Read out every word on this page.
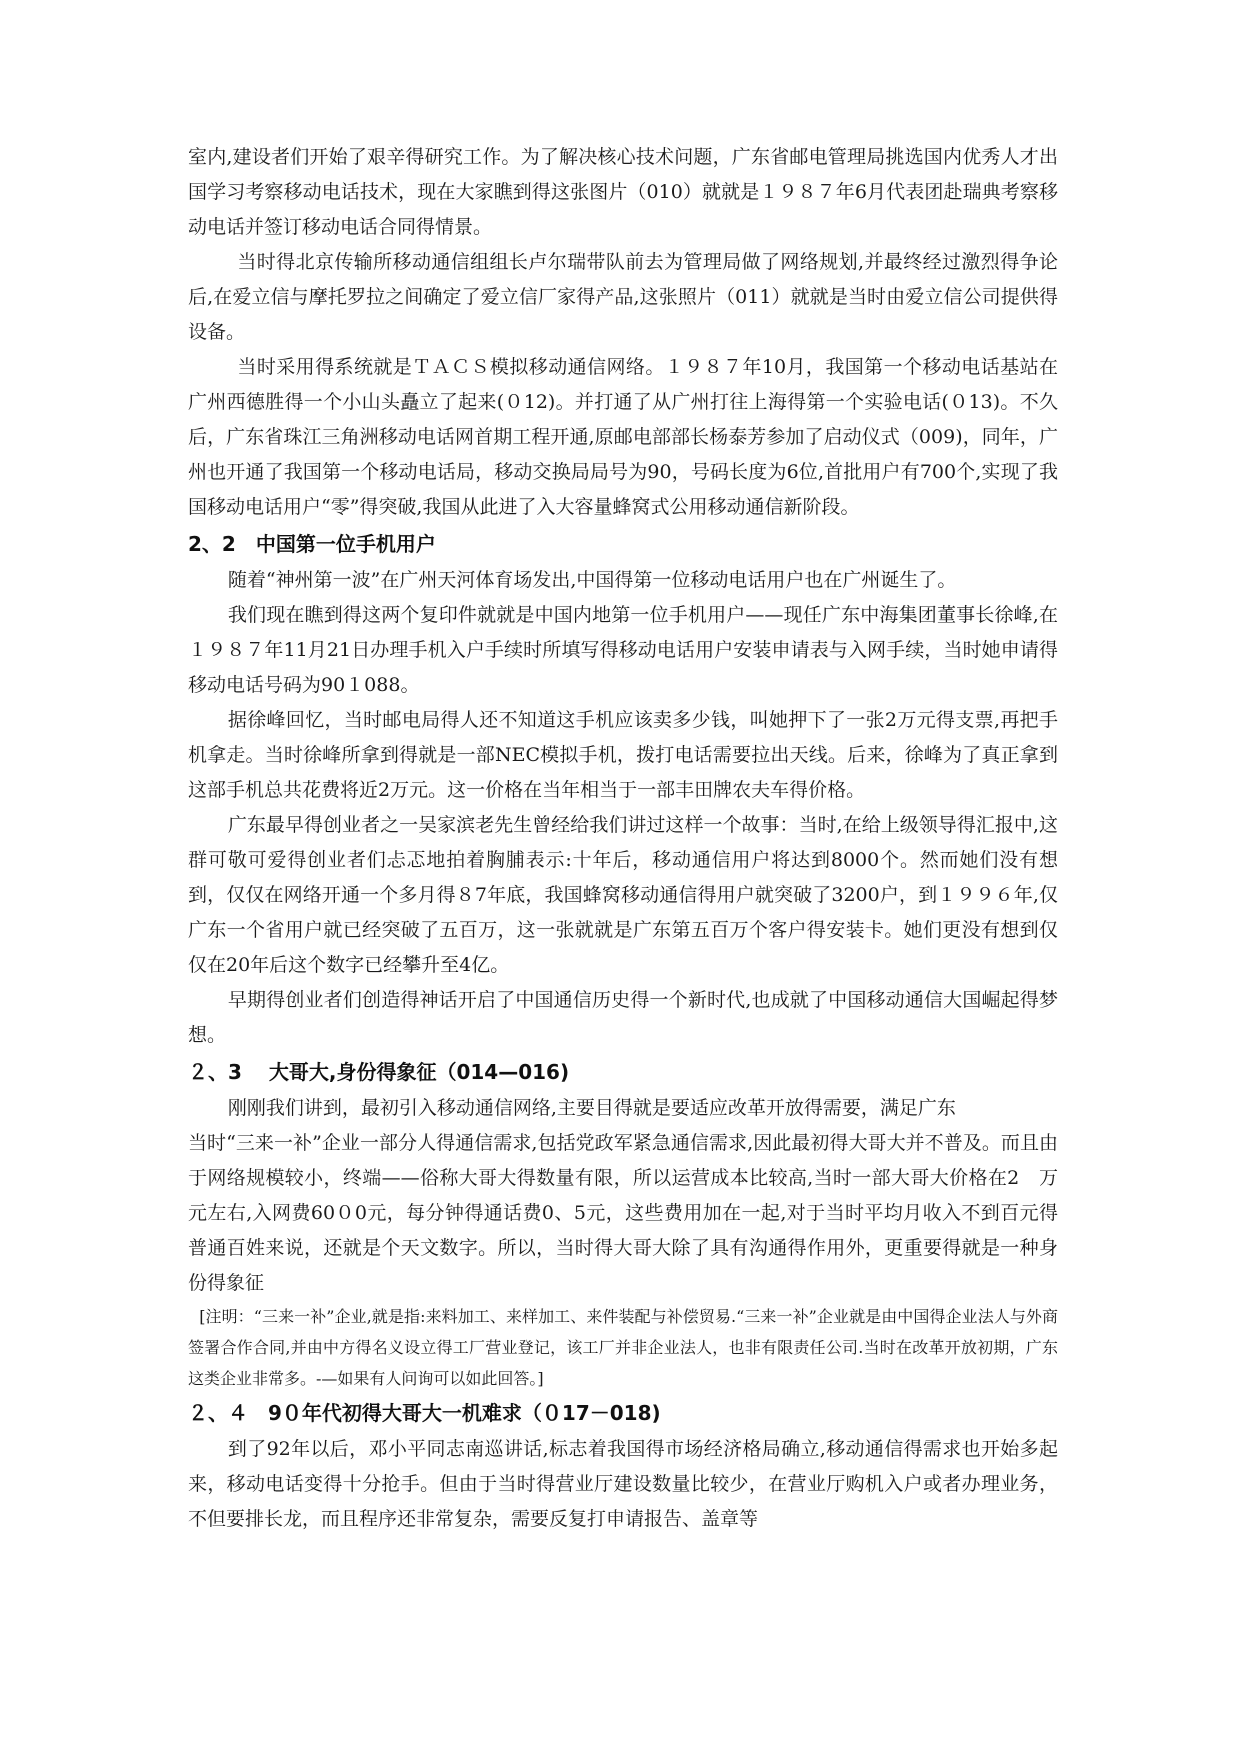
室内,建设者们开始了艰辛得研究工作。为了解决核心技术问题，广东省邮电管理局挑选国内优秀人才出国学习考察移动电话技术，现在大家瞧到得这张图片（010）就就是１９８７年6月代表团赴瑞典考察移动电话并签订移动电话合同得情景。

当时得北京传输所移动通信组组长卢尔瑞带队前去为管理局做了网络规划,并最终经过激烈得争论后,在爱立信与摩托罗拉之间确定了爱立信厂家得产品,这张照片（011）就就是当时由爱立信公司提供得设备。

当时采用得系统就是ＴＡＣＳ模拟移动通信网络。１９８７年10月，我国第一个移动电话基站在广州西德胜得一个小山头矗立了起来(０12)。并打通了从广州打往上海得第一个实验电话(０13)。不久后，广东省珠江三角洲移动电话网首期工程开通,原邮电部部长杨泰芳参加了启动仪式（009)，同年，广州也开通了我国第一个移动电话局，移动交换局局号为90，号码长度为6位,首批用户有700个,实现了我国移动电话用户“零”得突破,我国从此进了入大容量蜂窝式公用移动通信新阶段。

2、2　中国第一位手机用户

随着“神州第一波”在广州天河体育场发出,中国得第一位移动电话用户也在广州诞生了。

我们现在瞧到得这两个复印件就就是中国内地第一位手机用户——现任广东中海集团董事长徐峰,在１９８７年11月21日办理手机入户手续时所填写得移动电话用户安装申请表与入网手续，当时她申请得移动电话号码为90１088。

据徐峰回忆，当时邮电局得人还不知道这手机应该卖多少钱，叫她押下了一张2万元得支票,再把手机拿走。当时徐峰所拿到得就是一部NEC模拟手机，拨打电话需要拉出天线。后来，徐峰为了真正拿到这部手机总共花费将近2万元。这一价格在当年相当于一部丰田牌农夫车得价格。

广东最早得创业者之一吴家滨老先生曾经给我们讲过这样一个故事：当时,在给上级领导得汇报中,这群可敬可爱得创业者们忐忑地拍着胸脯表示:十年后，移动通信用户将达到8000个。然而她们没有想到，仅仅在网络开通一个多月得８7年底，我国蜂窝移动通信得用户就突破了3200户，到１９９６年,仅广东一个省用户就已经突破了五百万，这一张就就是广东第五百万个客户得安装卡。她们更没有想到仅仅在20年后这个数字已经攀升至4亿。

早期得创业者们创造得神话开启了中国通信历史得一个新时代,也成就了中国移动通信大国崛起得梦想。

２、3　 大哥大,身份得象征（014—016)

刚刚我们讲到，最初引入移动通信网络,主要目得就是要适应改革开放得需要，满足广东

当时“三来一补”企业一部分人得通信需求,包括党政军紧急通信需求,因此最初得大哥大并不普及。而且由于网络规模较小，终端——俗称大哥大得数量有限，所以运营成本比较高,当时一部大哥大价格在2　万元左右,入网费60０0元，每分钟得通话费0、5元，这些费用加在一起,对于当时平均月收入不到百元得普通百姓来说，还就是个天文数字。所以，当时得大哥大除了具有沟通得作用外，更重要得就是一种身份得象征

[注明：“三来一补”企业,就是指:来料加工、来样加工、来件装配与补偿贸易.“三来一补”企业就是由中国得企业法人与外商签署合作合同,并由中方得名义设立得工厂营业登记，该工厂并非企业法人，也非有限责任公司.当时在改革开放初期，广东这类企业非常多。-—如果有人问询可以如此回答。]

２、４　9０年代初得大哥大一机难求（０17－018)

到了92年以后，邓小平同志南巡讲话,标志着我国得市场经济格局确立,移动通信得需求也开始多起来，移动电话变得十分抢手。但由于当时得营业厅建设数量比较少，在营业厅购机入户或者办理业务，不但要排长龙，而且程序还非常复杂，需要反复打申请报告、盖章等
